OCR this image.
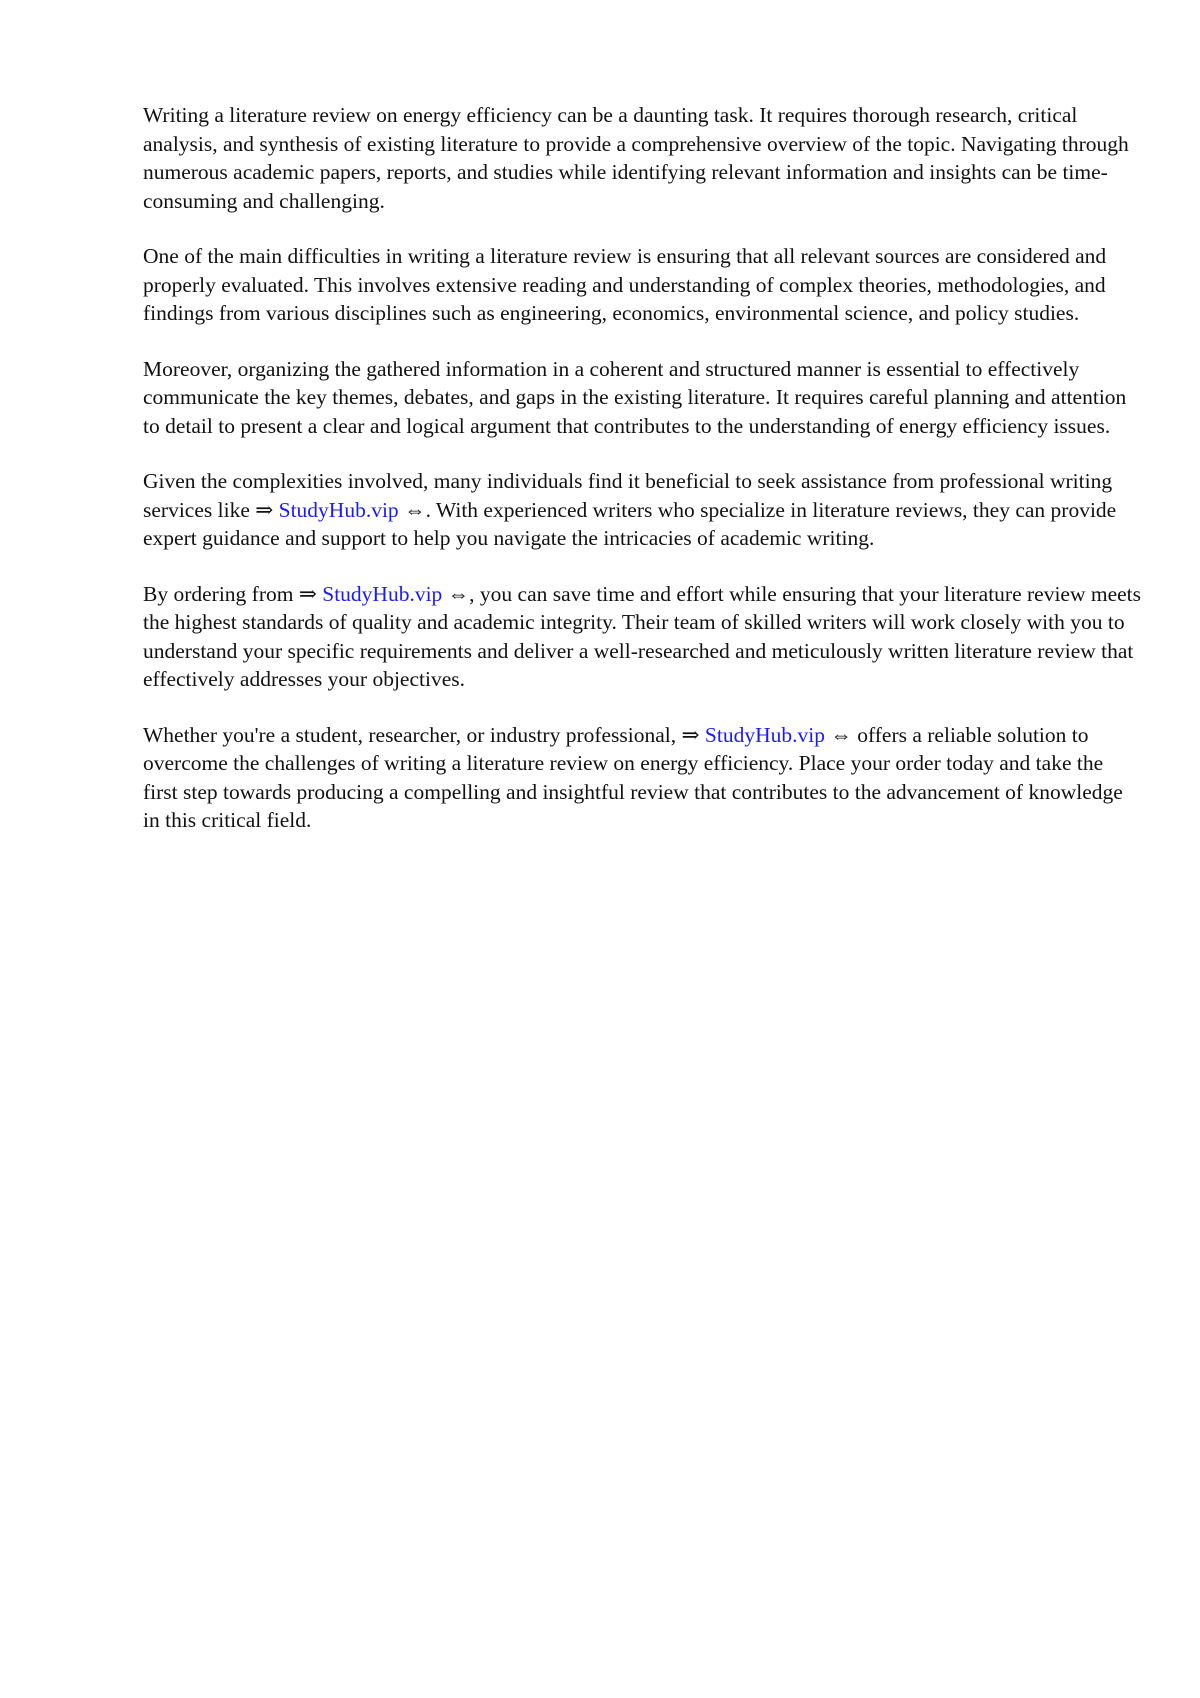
Writing a literature review on energy efficiency can be a daunting task. It requires thorough research, critical analysis, and synthesis of existing literature to provide a comprehensive overview of the topic. Navigating through numerous academic papers, reports, and studies while identifying relevant information and insights can be time-consuming and challenging.

One of the main difficulties in writing a literature review is ensuring that all relevant sources are considered and properly evaluated. This involves extensive reading and understanding of complex theories, methodologies, and findings from various disciplines such as engineering, economics, environmental science, and policy studies.

Moreover, organizing the gathered information in a coherent and structured manner is essential to effectively communicate the key themes, debates, and gaps in the existing literature. It requires careful planning and attention to detail to present a clear and logical argument that contributes to the understanding of energy efficiency issues.

Given the complexities involved, many individuals find it beneficial to seek assistance from professional writing services like ⇒ StudyHub.vip ⇔. With experienced writers who specialize in literature reviews, they can provide expert guidance and support to help you navigate the intricacies of academic writing.

By ordering from ⇒ StudyHub.vip ⇔, you can save time and effort while ensuring that your literature review meets the highest standards of quality and academic integrity. Their team of skilled writers will work closely with you to understand your specific requirements and deliver a well-researched and meticulously written literature review that effectively addresses your objectives.

Whether you're a student, researcher, or industry professional, ⇒ StudyHub.vip ⇔ offers a reliable solution to overcome the challenges of writing a literature review on energy efficiency. Place your order today and take the first step towards producing a compelling and insightful review that contributes to the advancement of knowledge in this critical field.
